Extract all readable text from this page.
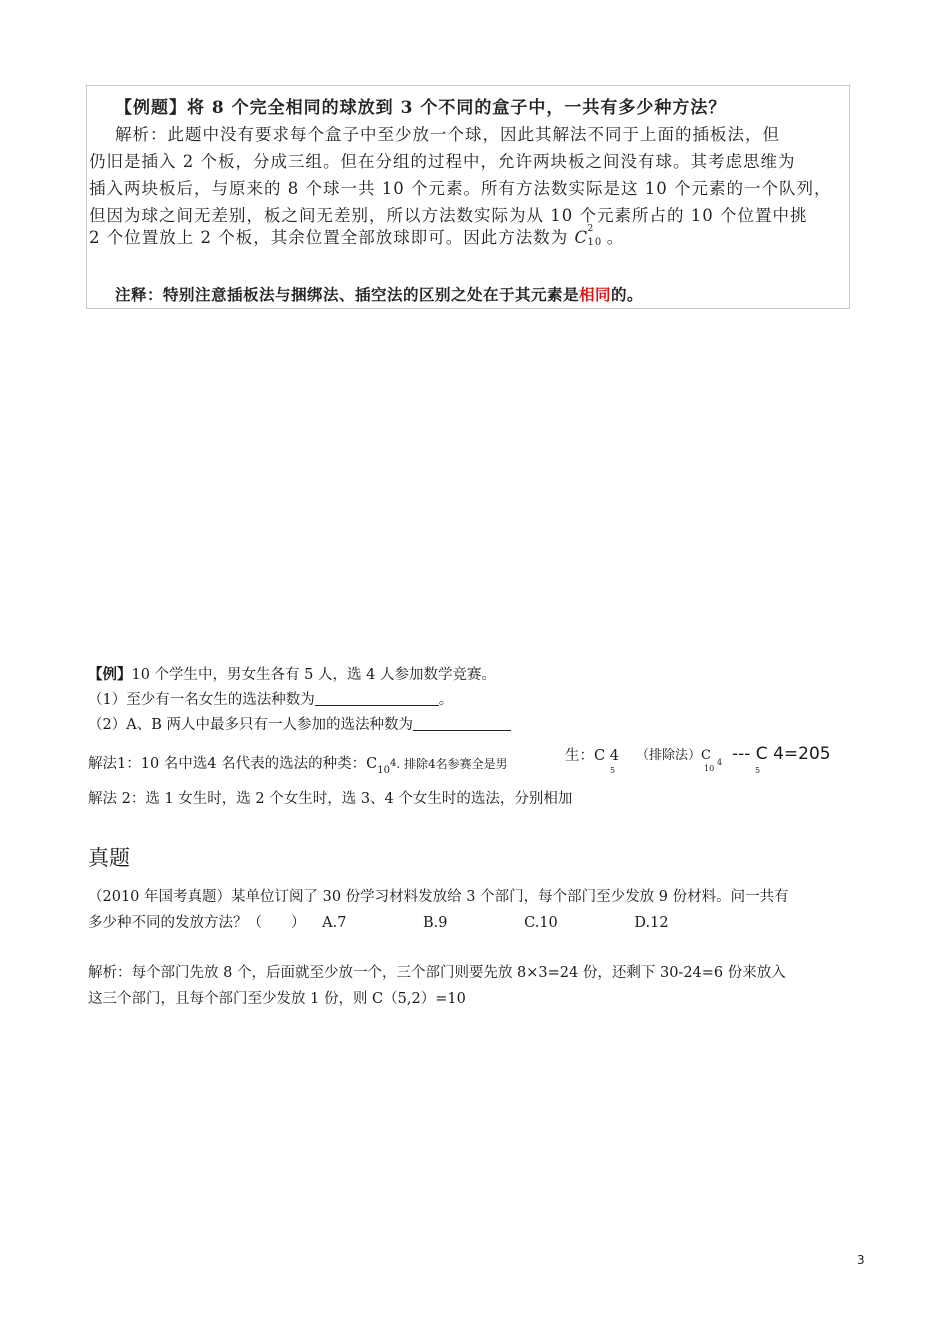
【例题】将 8 个完全相同的球放到 3 个不同的盒子中，一共有多少种方法？
解析：此题中没有要求每个盒子中至少放一个球，因此其解法不同于上面的插板法，但
仍旧是插入 2 个板，分成三组。但在分组的过程中，允许两块板之间没有球。其考虑思维为
插入两块板后，与原来的 8 个球一共 10 个元素。所有方法数实际是这 10 个元素的一个队列，
但因为球之间无差别，板之间无差别，所以方法数实际为从 10 个元素所占的 10 个位置中挑
2 个位置放上 2 个板，其余位置全部放球即可。因此方法数为 C 2
10 。
注释：特别注意插板法与捆绑法、插空法的区别之处在于其元素是相同的。
【例】10 个学生中，男女生各有 5 人，选 4 人参加数学竞赛。
（1）至少有一名女生的选法种数为	。
（2）A、B 两人中最多只有一人参加的选法种数为
解法1：10 名中选4 名代表的选法的种类：$C_{10}4$. 排除4名参赛全是男	生：C 4
5
（排除法）C
10
4 --- C 4=205
5
解法 2：选 1 女生时，选 2 个女生时，选 3、4 个女生时的选法，分别相加
真题
（2010 年国考真题）某单位订阅了 30 份学习材料发放给 3 个部门，每个部门至少发放 9 份材料。问一共有
多少种不同的发放方法？（　　） A.7	B.9	C.10	D.12
解析：每个部门先放 8 个，后面就至少放一个，三个部门则要先放 8×3=24 份，还剩下 30-24=6 份来放入
这三个部门，且每个部门至少发放 1 份，则 C（5,2）=10
3
